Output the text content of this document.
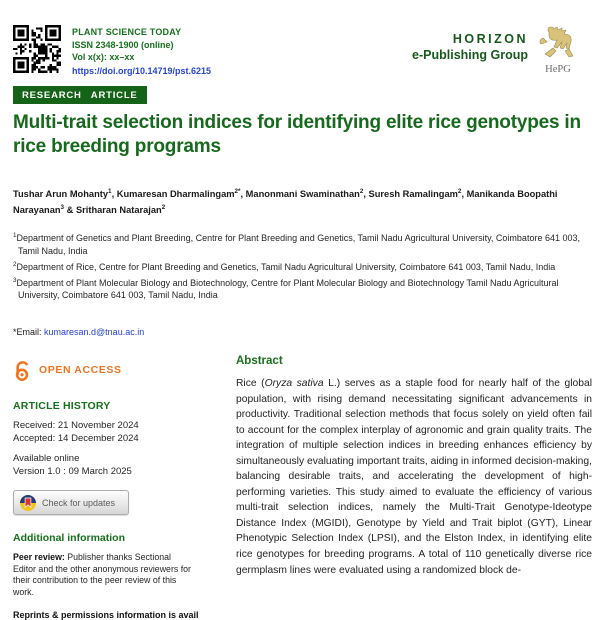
PLANT SCIENCE TODAY
ISSN 2348-1900 (online)
Vol x(x): xx–xx
https://doi.org/10.14719/pst.6215
HORIZON
e-Publishing Group
HePG
RESEARCH ARTICLE
Multi-trait selection indices for identifying elite rice genotypes in rice breeding programs

Tushar Arun Mohanty$^1$, Kumaresan Dharmalingam$^{2*}$, Manonmani Swaminathan$^2$, Suresh Ramalingam$^2$, Manikanda Boopathi Narayanan$^3$ & Sritharan Natarajan$^2$

$^1$Department of Genetics and Plant Breeding, Centre for Plant Breeding and Genetics, Tamil Nadu Agricultural University, Coimbatore 641 003, Tamil Nadu, India
$^2$Department of Rice, Centre for Plant Breeding and Genetics, Tamil Nadu Agricultural University, Coimbatore 641 003, Tamil Nadu, India
$^3$Department of Plant Molecular Biology and Biotechnology, Centre for Plant Molecular Biology and Biotechnology Tamil Nadu Agricultural University, Coimbatore 641 003, Tamil Nadu, India

*Email: kumaresan.d@tnau.ac.in

OPEN ACCESS
ARTICLE HISTORY
Received: 21 November 2024
Accepted: 14 December 2024
Available online
Version 1.0 : 09 March 2025
Check for updates
Additional information

Peer review: Publisher thanks Sectional Editor and the other anonymous reviewers for their contribution to the peer review of this work.

Reprints & permissions information is avail
Abstract

Rice (Oryza sativa L.) serves as a staple food for nearly half of the global population, with rising demand necessitating significant advancements in productivity. Traditional selection methods that focus solely on yield often fail to account for the complex interplay of agronomic and grain quality traits. The integration of multiple selection indices in breeding enhances efficiency by simultaneously evaluating important traits, aiding in informed decision-making, balancing desirable traits, and accelerating the development of high-performing varieties. This study aimed to evaluate the efficiency of various multi-trait selection indices, namely the Multi-Trait Genotype-Ideotype Distance Index (MGIDI), Genotype by Yield and Trait biplot (GYT), Linear Phenotypic Selection Index (LPSI), and the Elston Index, in identifying elite rice genotypes for breeding programs. A total of 110 genetically diverse rice germplasm lines were evaluated using a randomized block de-
